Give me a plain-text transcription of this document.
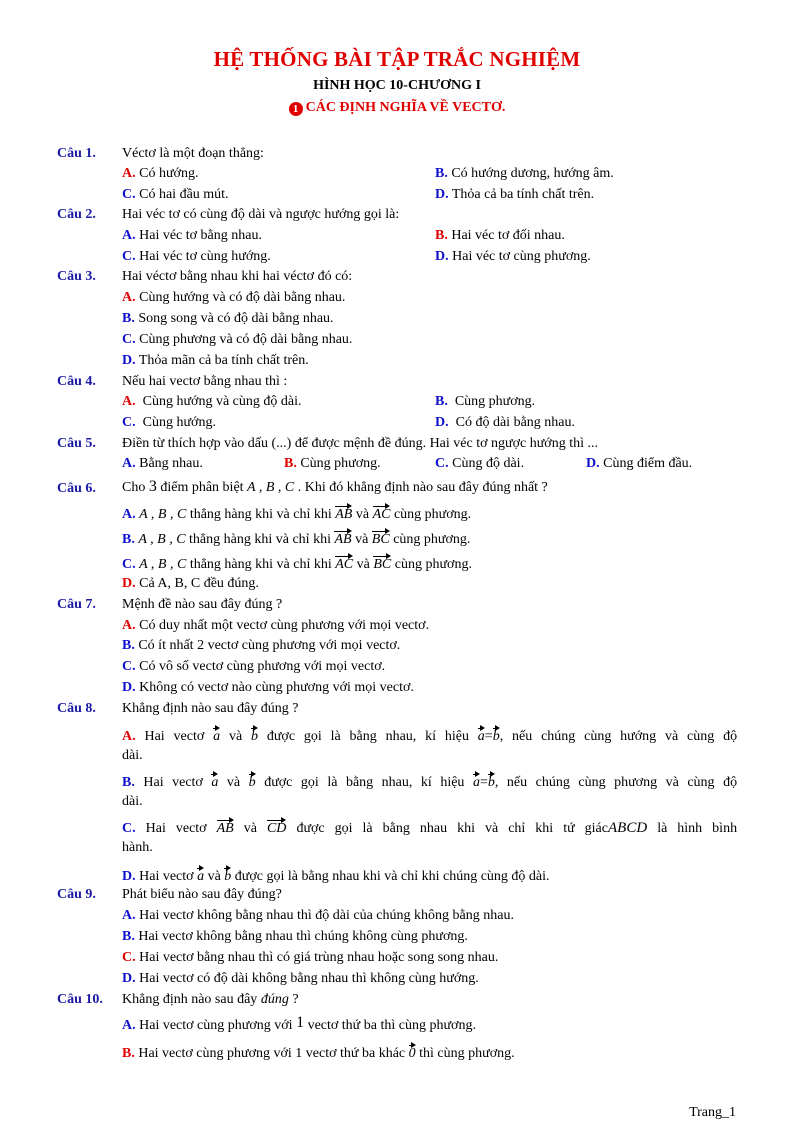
HỆ THỐNG BÀI TẬP TRẮC NGHIỆM
HÌNH HỌC 10-CHƯƠNG I
1 CÁC ĐỊNH NGHĨA VỀ VECTƠ.
Câu 1. Véctơ là một đoạn thẳng:
A. Có hướng.	B. Có hướng dương, hướng âm.
C. Có hai đầu mút.	D. Thỏa cả ba tính chất trên.
Câu 2. Hai véc tơ có cùng độ dài và ngược hướng gọi là:
A. Hai véc tơ bằng nhau.	B. Hai véc tơ đối nhau.
C. Hai véc tơ cùng hướng.	D. Hai véc tơ cùng phương.
Câu 3. Hai véctơ bằng nhau khi hai véctơ đó có:
A. Cùng hướng và có độ dài bằng nhau.
B. Song song và có độ dài bằng nhau.
C. Cùng phương và có độ dài bằng nhau.
D. Thỏa mãn cả ba tính chất trên.
Câu 4. Nếu hai vectơ bằng nhau thì :
A. Cùng hướng và cùng độ dài.	B. Cùng phương.
C. Cùng hướng.	D. Có độ dài bằng nhau.
Câu 5. Điền từ thích hợp vào dấu (...) để được mệnh đề đúng. Hai véc tơ ngược hướng thì ...
A. Bằng nhau.	B. Cùng phương.	C. Cùng độ dài.	D. Cùng điểm đầu.
Câu 6. Cho 3 điểm phân biệt A , B , C . Khi đó khẳng định nào sau đây đúng nhất ?
A. A , B , C thẳng hàng khi và chỉ khi AB và AC cùng phương.
B. A , B , C thẳng hàng khi và chỉ khi AB và BC cùng phương.
C. A , B , C thẳng hàng khi và chỉ khi AC và BC cùng phương.
D. Cả A, B, C đều đúng.
Câu 7. Mệnh đề nào sau đây đúng ?
A. Có duy nhất một vectơ cùng phương với mọi vectơ.
B. Có ít nhất 2 vectơ cùng phương với mọi vectơ.
C. Có vô số vectơ cùng phương với mọi vectơ.
D. Không có vectơ nào cùng phương với mọi vectơ.
Câu 8. Khẳng định nào sau đây đúng ?
A. Hai vectơ a và b được gọi là bằng nhau, kí hiệu a=b, nếu chúng cùng hướng và cùng độ
dài.
B. Hai vectơ a và b được gọi là bằng nhau, kí hiệu a=b, nếu chúng cùng phương và cùng độ
dài.
C. Hai vectơ AB và CD được gọi là bằng nhau khi và chỉ khi tứ giácABCD là hình bình
hành.
D. Hai vectơ a và b được gọi là bằng nhau khi và chỉ khi chúng cùng độ dài.
Câu 9. Phát biểu nào sau đây đúng?
A. Hai vectơ không bằng nhau thì độ dài của chúng không bằng nhau.
B. Hai vectơ không bằng nhau thì chúng không cùng phương.
C. Hai vectơ bằng nhau thì có giá trùng nhau hoặc song song nhau.
D. Hai vectơ có độ dài không bằng nhau thì không cùng hướng.
Câu 10. Khẳng định nào sau đây đúng ?
A. Hai vectơ cùng phương với 1 vectơ thứ ba thì cùng phương.
B. Hai vectơ cùng phương với 1 vectơ thứ ba khác 0 thì cùng phương.
Trang_1
